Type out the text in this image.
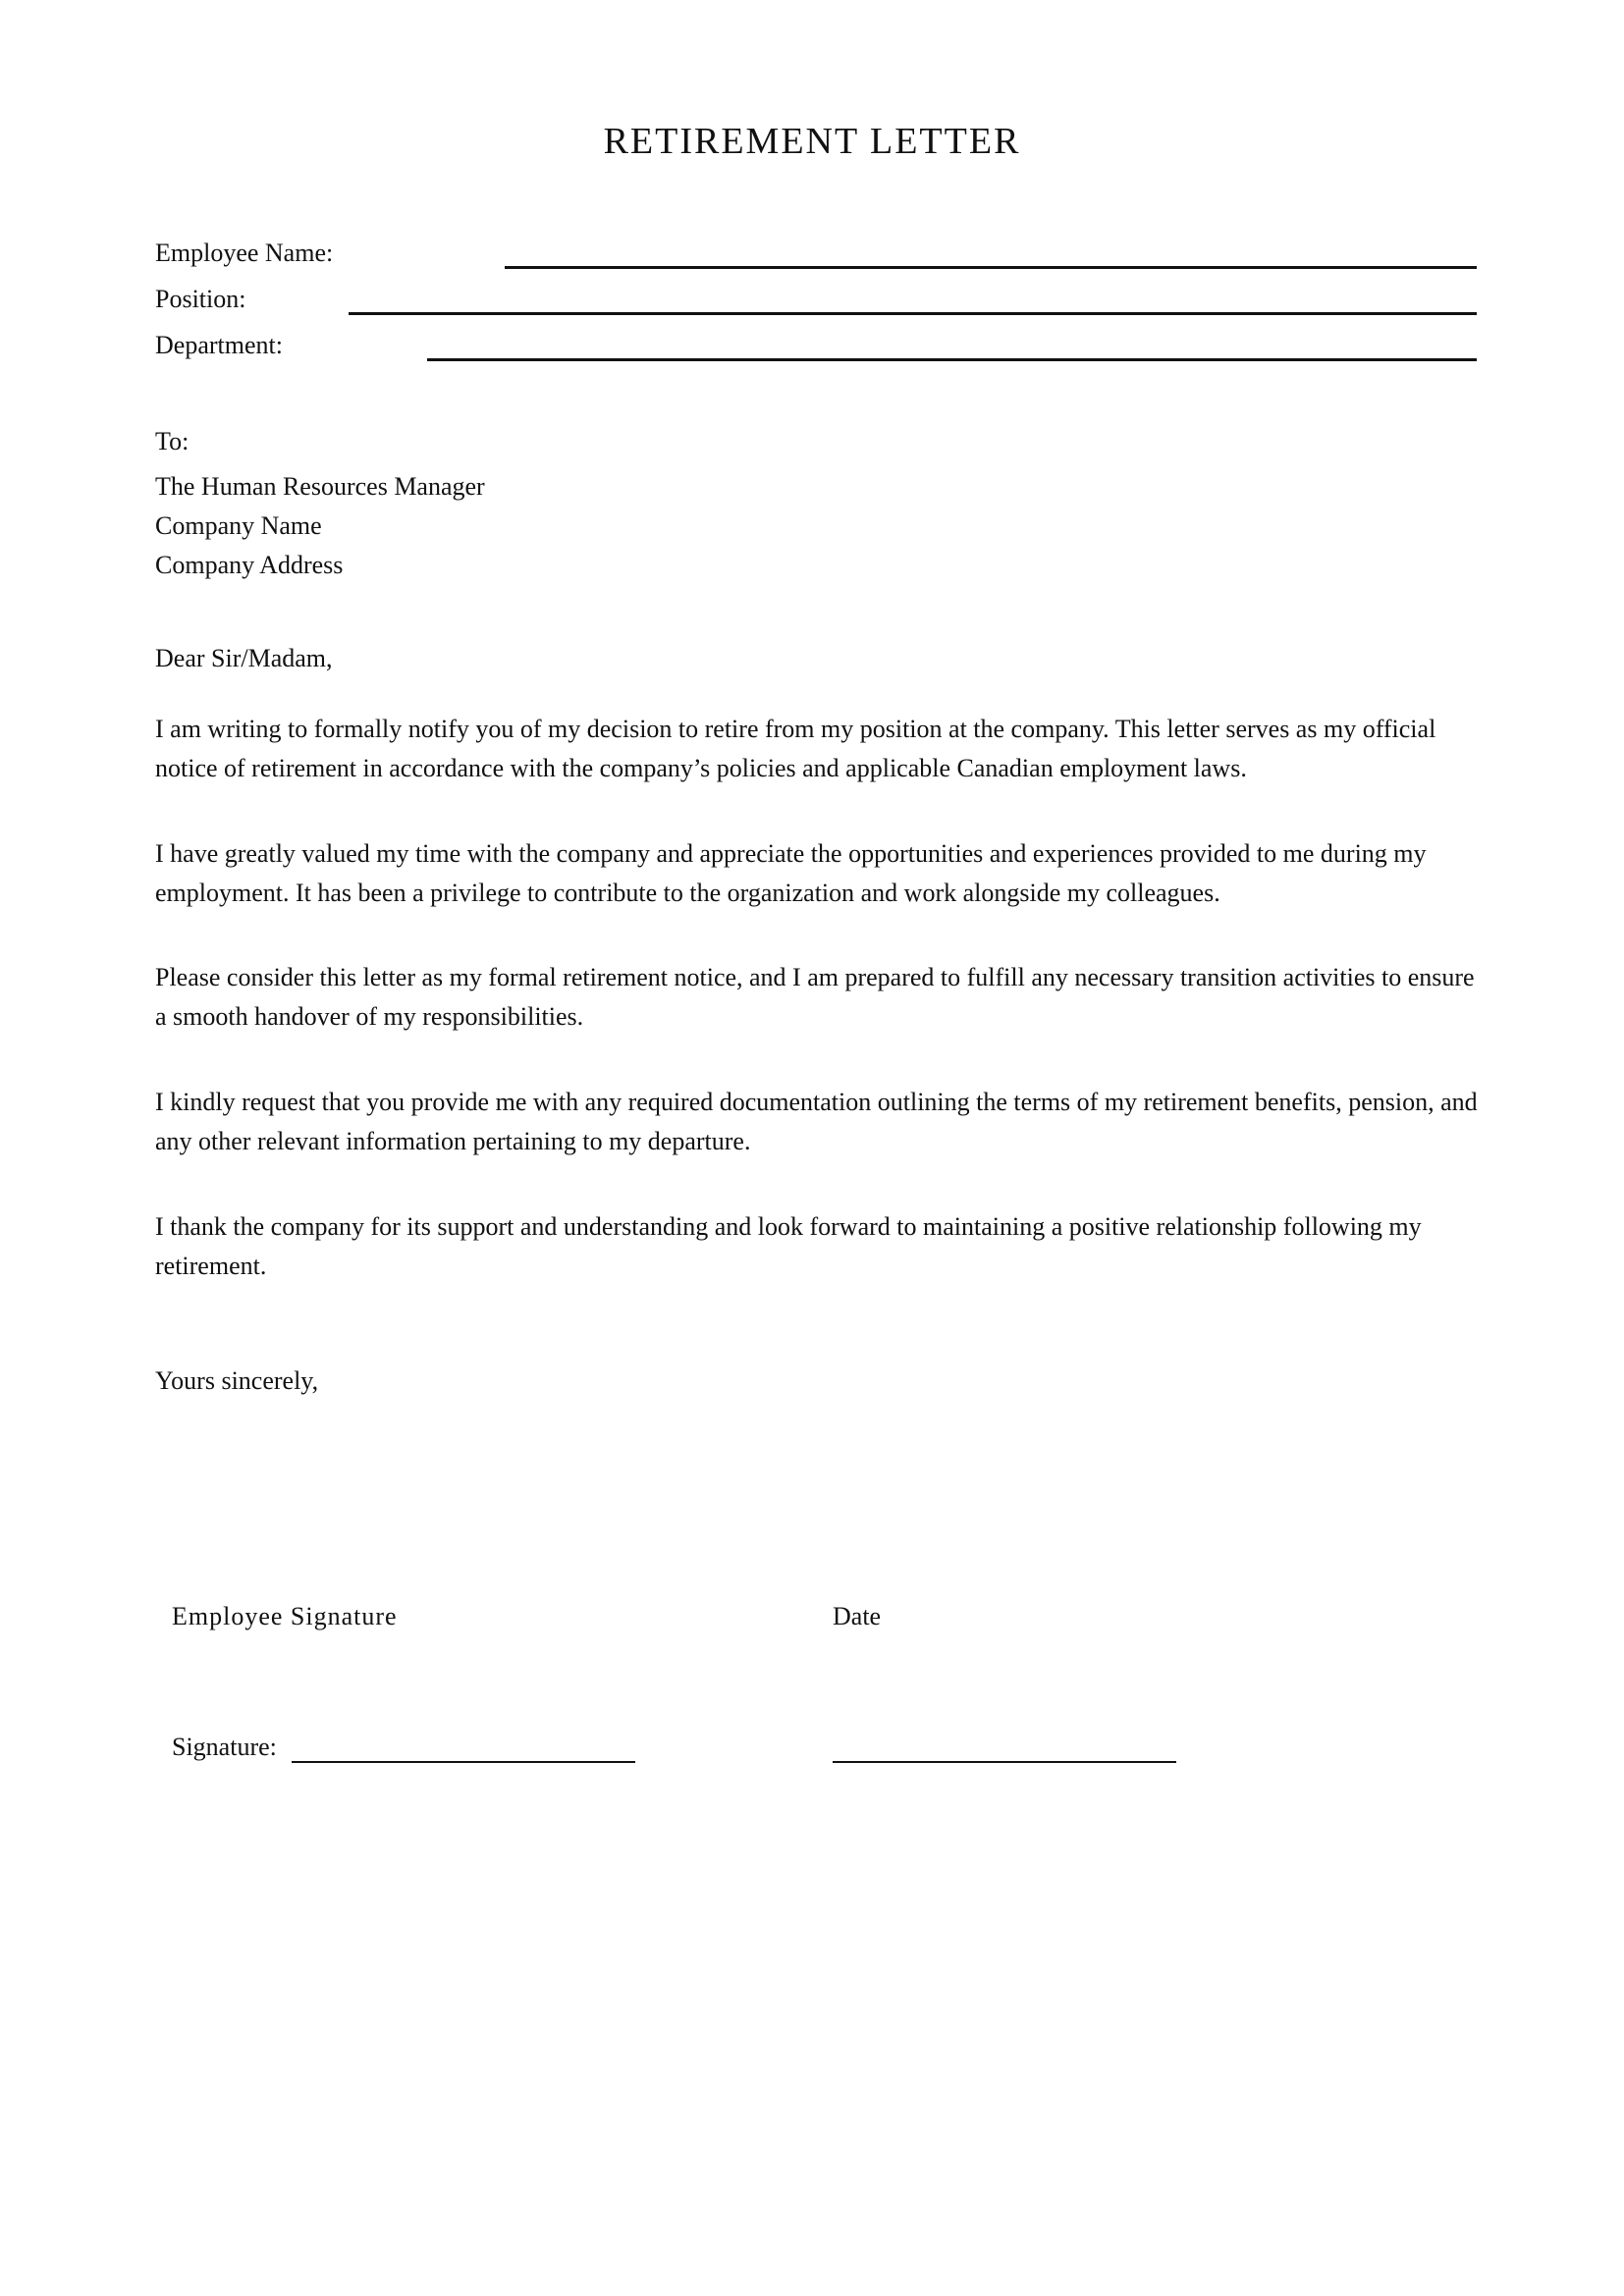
RETIREMENT LETTER
Employee Name:
Position:
Department:
To:
The Human Resources Manager
Company Name
Company Address
Dear Sir/Madam,
I am writing to formally notify you of my decision to retire from my position at the company. This letter serves as my official notice of retirement in accordance with the company’s policies and applicable Canadian employment laws.
I have greatly valued my time with the company and appreciate the opportunities and experiences provided to me during my employment. It has been a privilege to contribute to the organization and work alongside my colleagues.
Please consider this letter as my formal retirement notice, and I am prepared to fulfill any necessary transition activities to ensure a smooth handover of my responsibilities.
I kindly request that you provide me with any required documentation outlining the terms of my retirement benefits, pension, and any other relevant information pertaining to my departure.
I thank the company for its support and understanding and look forward to maintaining a positive relationship following my retirement.
Yours sincerely,
Employee Signature	Date
Signature:
